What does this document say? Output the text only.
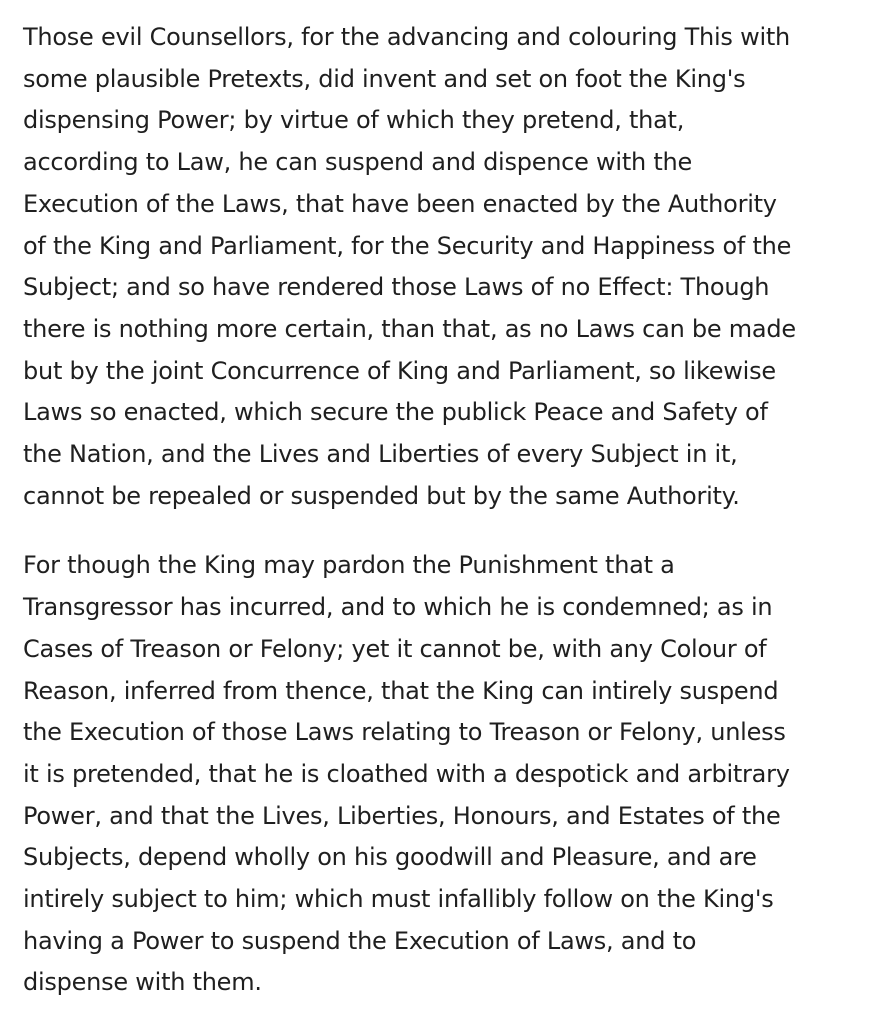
Those evil Counsellors, for the advancing and colouring This with
some plausible Pretexts, did invent and set on foot the King's
dispensing Power; by virtue of which they pretend, that,
according to Law, he can suspend and dispence with the
Execution of the Laws, that have been enacted by the Authority
of the King and Parliament, for the Security and Happiness of the
Subject; and so have rendered those Laws of no Effect: Though
there is nothing more certain, than that, as no Laws can be made
but by the joint Concurrence of King and Parliament, so likewise
Laws so enacted, which secure the publick Peace and Safety of
the Nation, and the Lives and Liberties of every Subject in it,
cannot be repealed or suspended but by the same Authority.

For though the King may pardon the Punishment that a
Transgressor has incurred, and to which he is condemned; as in
Cases of Treason or Felony; yet it cannot be, with any Colour of
Reason, inferred from thence, that the King can intirely suspend
the Execution of those Laws relating to Treason or Felony, unless
it is pretended, that he is cloathed with a despotick and arbitrary
Power, and that the Lives, Liberties, Honours, and Estates of the
Subjects, depend wholly on his goodwill and Pleasure, and are
intirely subject to him; which must infallibly follow on the King's
having a Power to suspend the Execution of Laws, and to
dispense with them.
